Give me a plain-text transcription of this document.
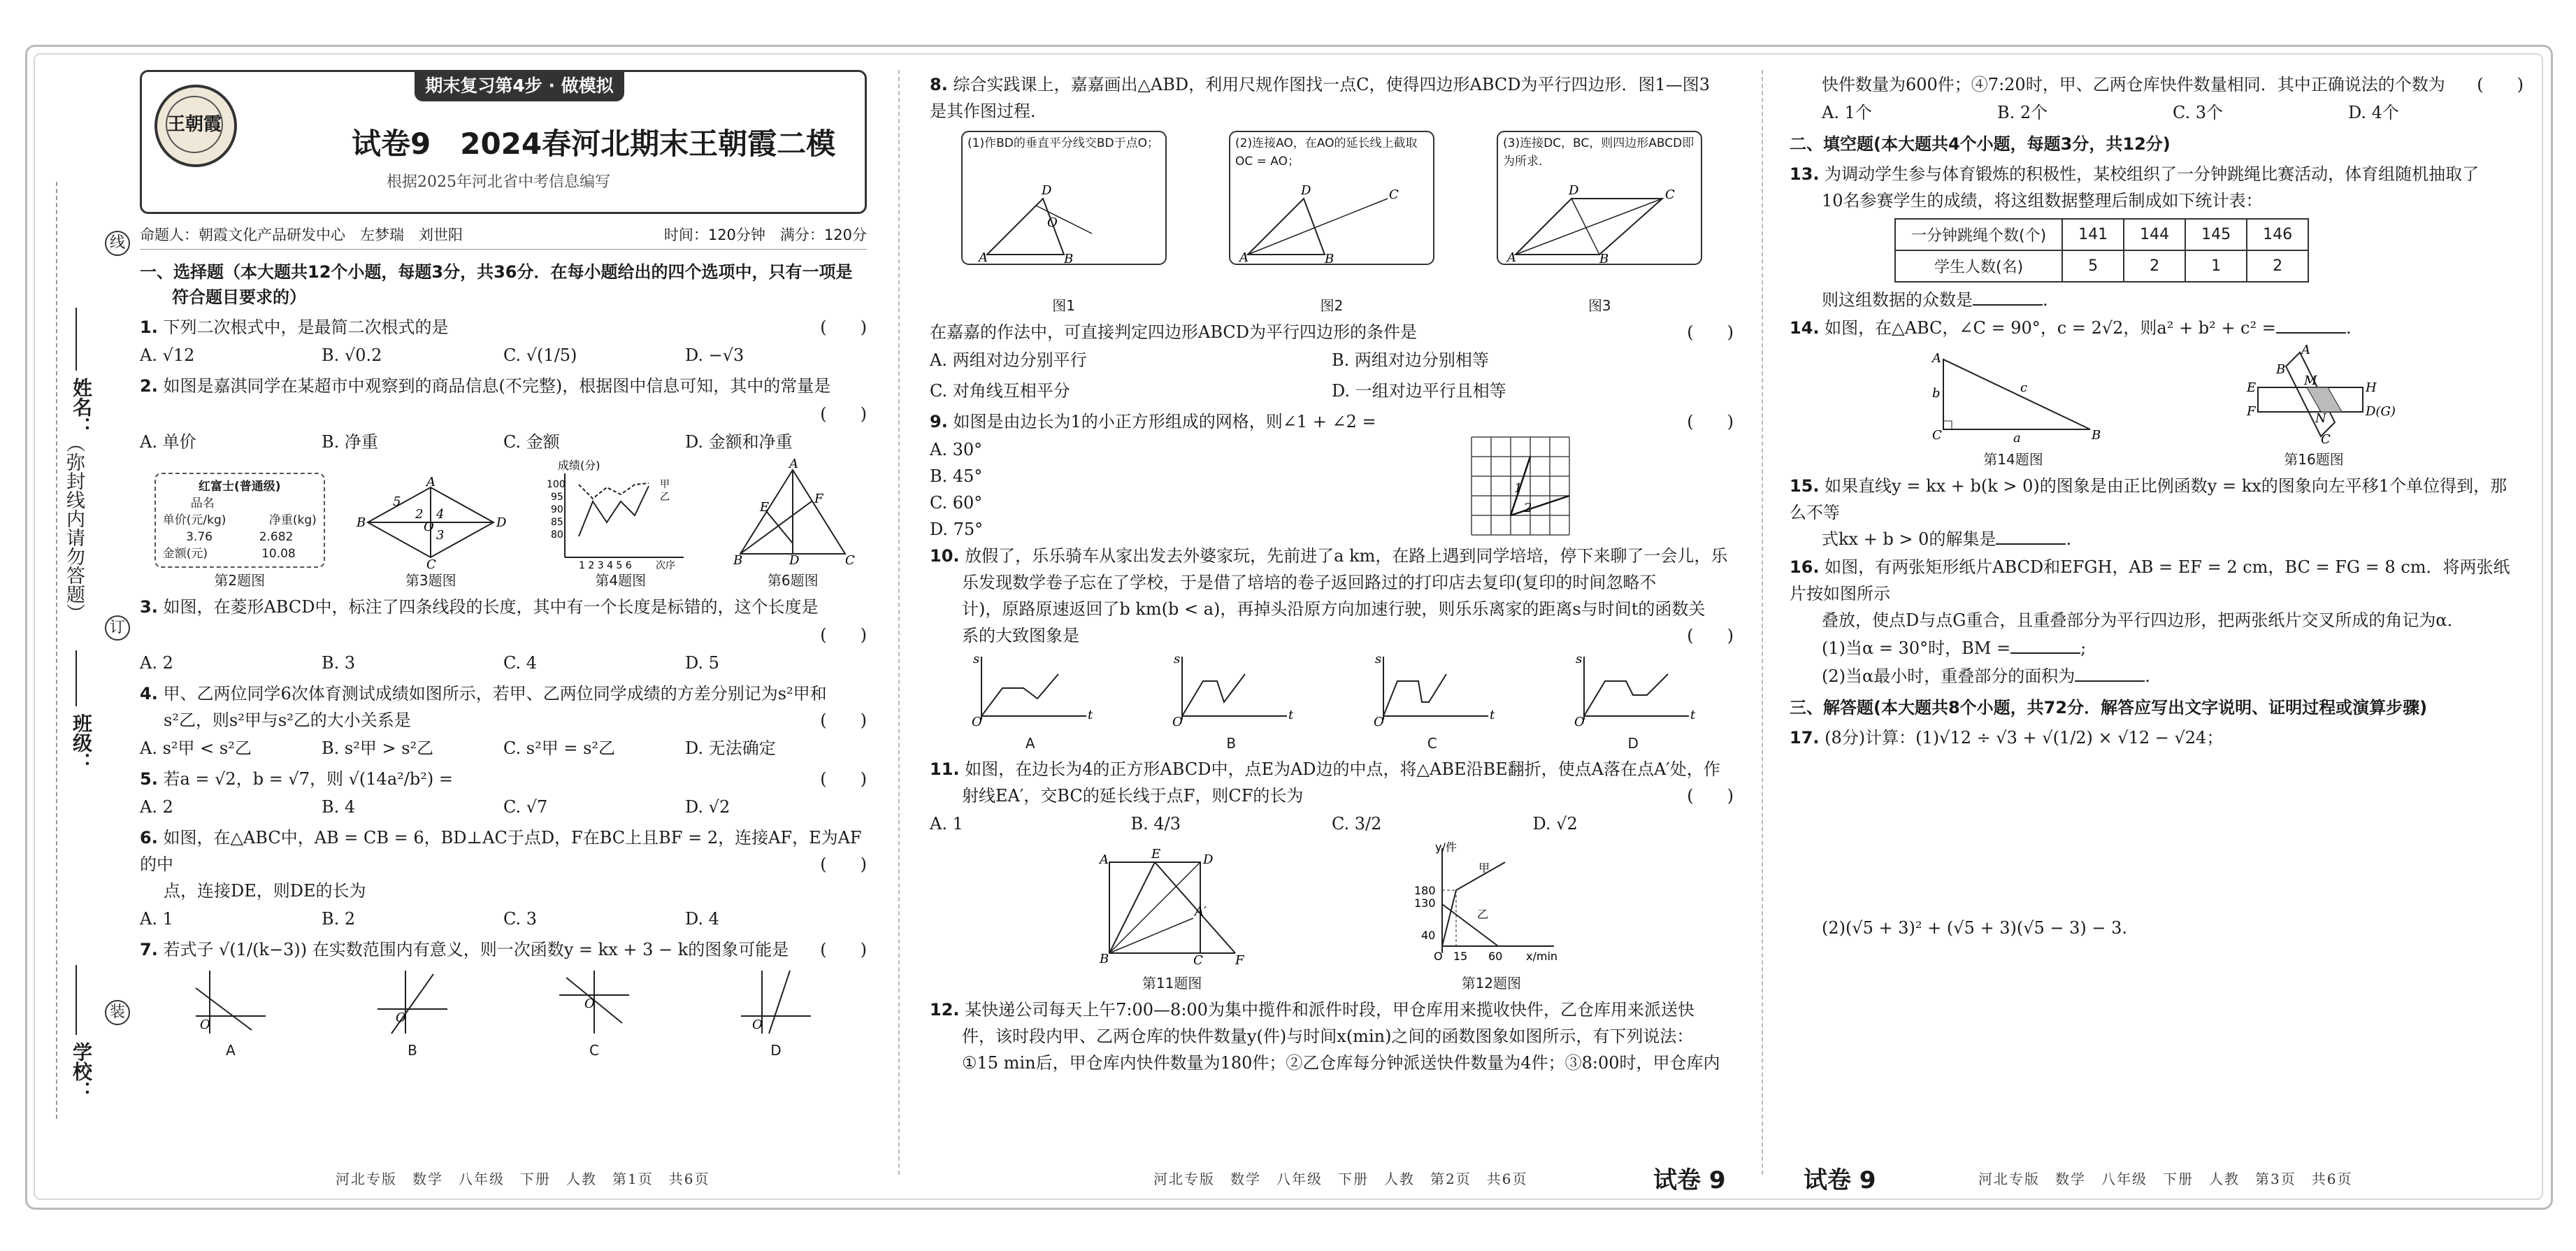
线
订
装
姓名：
（弥封线内请勿答题）
班级：
学校：
期末复习第4步 · 做模拟
王朝霞
试卷9　2024春河北期末王朝霞二模
根据2025年河北省中考信息编写
命题人：朝霞文化产品研发中心　左梦瑞　刘世阳	时间：120分钟　满分：120分
一、选择题（本大题共12个小题，每题3分，共36分．在每小题给出的四个选项中，只有一项是
符合题目要求的）
1. 下列二次根式中，是最简二次根式的是	(　　)
A. √12	B. √0.2	C. √(1/5)	D. −√3
2. 如图是嘉淇同学在某超市中观察到的商品信息(不完整)，根据图中信息可知，其中的常量是
(　　)
A. 单价	B. 净重	C. 金额	D. 金额和净重
红富士(普通级)
品名
单价(元/kg)	净重(kg)
3.76	2.682
金额(元)	10.08
第2题图
A
B
C
D
5
2 4
3
O
第3题图
成绩(分)
100
95
90
85
80
甲
乙
1 2 3 4 5 6 次序
第4题图
A
B	C
D
E
F
第6题图
3. 如图，在菱形ABCD中，标注了四条线段的长度，其中有一个长度是标错的，这个长度是
(　　)
A. 2	B. 3	C. 4	D. 5
4. 甲、乙两位同学6次体育测试成绩如图所示，若甲、乙两位同学成绩的方差分别记为s²甲和
s²乙，则s²甲与s²乙的大小关系是	(　　)
A. s²甲 < s²乙	B. s²甲 > s²乙	C. s²甲 = s²乙	D. 无法确定
5. 若a = √2，b = √7，则 √(14a²/b²) =	(　　)
A. 2	B. 4	C. √7	D. √2
6. 如图，在△ABC中，AB = CB = 6，BD⊥AC于点D，F在BC上且BF = 2，连接AF，E为AF的中
点，连接DE，则DE的长为
(　　)
A. 1	B. 2	C. 3	D. 4
7. 若式子 √(1/(k−3)) 在实数范围内有意义，则一次函数y = kx + 3 − k的图象可能是 (　　)
O
A
O
B
O
C
O
D
河北专版　数学　八年级　下册　人教　第1页　共6页
8. 综合实践课上，嘉嘉画出△ABD，利用尺规作图找一点C，使得四边形ABCD为平行四边形．图1—图3
是其作图过程．
(1)作BD的垂直平分线交BD于点O；
A
D
B
O
图1
(2)连接AO，在AO的延长线上截取OC = AO；
A
D
B
C
图2
(3)连接DC，BC，则四边形ABCD即为所求．
A
D
B
C
图3
在嘉嘉的作法中，可直接判定四边形ABCD为平行四边形的条件是	(　　)
A. 两组对边分别平行	B. 两组对边分别相等
C. 对角线互相平分	D. 一组对边平行且相等
9. 如图是由边长为1的小正方形组成的网格，则∠1 + ∠2 =	(　　)
A. 30°
B. 45°
C. 60°
D. 75°
1
2
10. 放假了，乐乐骑车从家出发去外婆家玩，先前进了a km，在路上遇到同学培培，停下来聊了一会儿，乐
乐发现数学卷子忘在了学校，于是借了培培的卷子返回路过的打印店去复印(复印的时间忽略不
计)，原路原速返回了b km(b < a)，再掉头沿原方向加速行驶，则乐乐离家的距离s与时间t的函数关
系的大致图象是	(　　)
O	t
s
A
O	t
s
B
O	t
s
C
O	t
s
D
11. 如图，在边长为4的正方形ABCD中，点E为AD边的中点，将△ABE沿BE翻折，使点A落在点A′处，作
射线EA′，交BC的延长线于点F，则CF的长为	(　　)
A. 1	B. 4/3	C. 3/2	D. √2
A	E	D
B	C	F
A′
第11题图
y/件
x/min
180
130
40
O 15 60
甲
乙
第12题图
12. 某快递公司每天上午7:00—8:00为集中揽件和派件时段，甲仓库用来揽收快件，乙仓库用来派送快
件，该时段内甲、乙两仓库的快件数量y(件)与时间x(min)之间的函数图象如图所示，有下列说法：
①15 min后，甲仓库内快件数量为180件；②乙仓库每分钟派送快件数量为4件；③8:00时，甲仓库内
河北专版　数学　八年级　下册　人教　第2页　共6页	试卷 9
快件数量为600件；④7:20时，甲、乙两仓库快件数量相同．其中正确说法的个数为 (　　)
A. 1个	B. 2个	C. 3个	D. 4个
二、填空题(本大题共4个小题，每题3分，共12分)
13. 为调动学生参与体育锻炼的积极性，某校组织了一分钟跳绳比赛活动，体育组随机抽取了
10名参赛学生的成绩，将这组数据整理后制成如下统计表：
一分钟跳绳个数(个)	141	144	145	146
学生人数(名)	5	2	1	2
则这组数据的众数是	.
14. 如图，在△ABC，∠C = 90°，c = 2√2，则a² + b² + c² =	.
A
C	B
b
a
c
第14题图
B
A
E
F
H
D(G)
M
N
C
第16题图
15. 如果直线y = kx + b(k > 0)的图象是由正比例函数y = kx的图象向左平移1个单位得到，那么不等
式kx + b > 0的解集是	.
16. 如图，有两张矩形纸片ABCD和EFGH，AB = EF = 2 cm，BC = FG = 8 cm．将两张纸片按如图所示
叠放，使点D与点G重合，且重叠部分为平行四边形，把两张纸片交叉所成的角记为α．
(1)当α = 30°时，BM =	;
(2)当α最小时，重叠部分的面积为	.
三、解答题(本大题共8个小题，共72分．解答应写出文字说明、证明过程或演算步骤)
17. (8分)计算：(1)√12 ÷ √3 + √(1/2) × √12 − √24；
(2)(√5 + 3)² + (√5 + 3)(√5 − 3) − 3.
试卷 9	河北专版　数学　八年级　下册　人教　第3页　共6页
